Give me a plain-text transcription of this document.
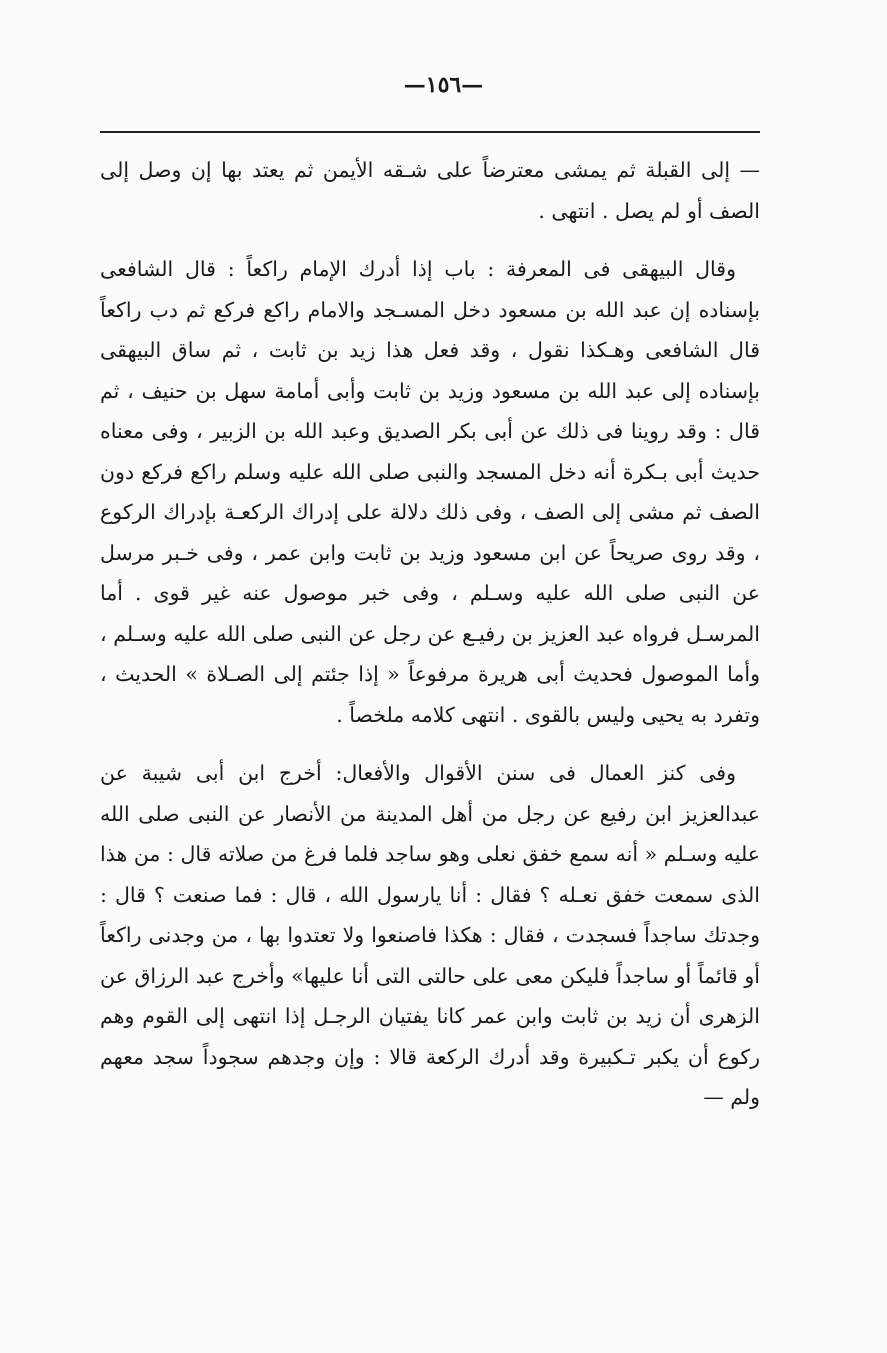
—١٥٦—

— إلى القبلة ثم يمشى معترضاً على شـقه الأيمن ثم يعتد بها إن وصل إلى الصف أو لم يصل . انتهى .

وقال البيهقى فى المعرفة : باب إذا أدرك الإمام راكعاً : قال الشافعى بإسناده إن عبد الله بن مسعود دخل المسـجد والامام راكع فركع ثم دب راكعاً قال الشافعى وهـكذا نقول ، وقد فعل هذا زيد بن ثابت ، ثم ساق البيهقى بإسناده إلى عبد الله بن مسعود وزيد بن ثابت وأبى أمامة سهل بن حنيف ، ثم قال : وقد روينا فى ذلك عن أبى بكر الصديق وعبد الله بن الزبير ، وفى معناه حديث أبى بـكرة أنه دخل المسجد والنبى صلى الله عليه وسلم راكع فركع دون الصف ثم مشى إلى الصف ، وفى ذلك دلالة على إدراك الركعـة بإدراك الركوع ، وقد روى صريحاً عن ابن مسعود وزيد بن ثابت وابن عمر ، وفى خـبر مرسل عن النبى صلى الله عليه وسـلم ، وفى خبر موصول عنه غير قوى . أما المرسـل فرواه عبد العزيز بن رفيـع عن رجل عن النبى صلى الله عليه وسـلم ، وأما الموصول فحديث أبى هريرة مرفوعاً « إذا جئتم إلى الصـلاة » الحديث ، وتفرد به يحيى وليس بالقوى . انتهى كلامه ملخصاً .

وفى كنز العمال فى سنن الأقوال والأفعال: أخرج ابن أبى شيبة عن عبدالعزيز ابن رفيع عن رجل من أهل المدينة من الأنصار عن النبى صلى الله عليه وسـلم « أنه سمع خفق نعلى وهو ساجد فلما فرغ من صلاته قال : من هذا الذى سمعت خفق نعـله ؟ فقال : أنا يارسول الله ، قال : فما صنعت ؟ قال : وجدتك ساجداً فسجدت ، فقال : هكذا فاصنعوا ولا تعتدوا بها ، من وجدنى راكعاً أو قائماً أو ساجداً فليكن معى على حالتى التى أنا عليها» وأخرج عبد الرزاق عن الزهرى أن زيد بن ثابت وابن عمر كانا يفتيان الرجـل إذا انتهى إلى القوم وهم ركوع أن يكبر تـكبيرة وقد أدرك الركعة قالا : وإن وجدهم سجوداً سجد معهم ولم —
